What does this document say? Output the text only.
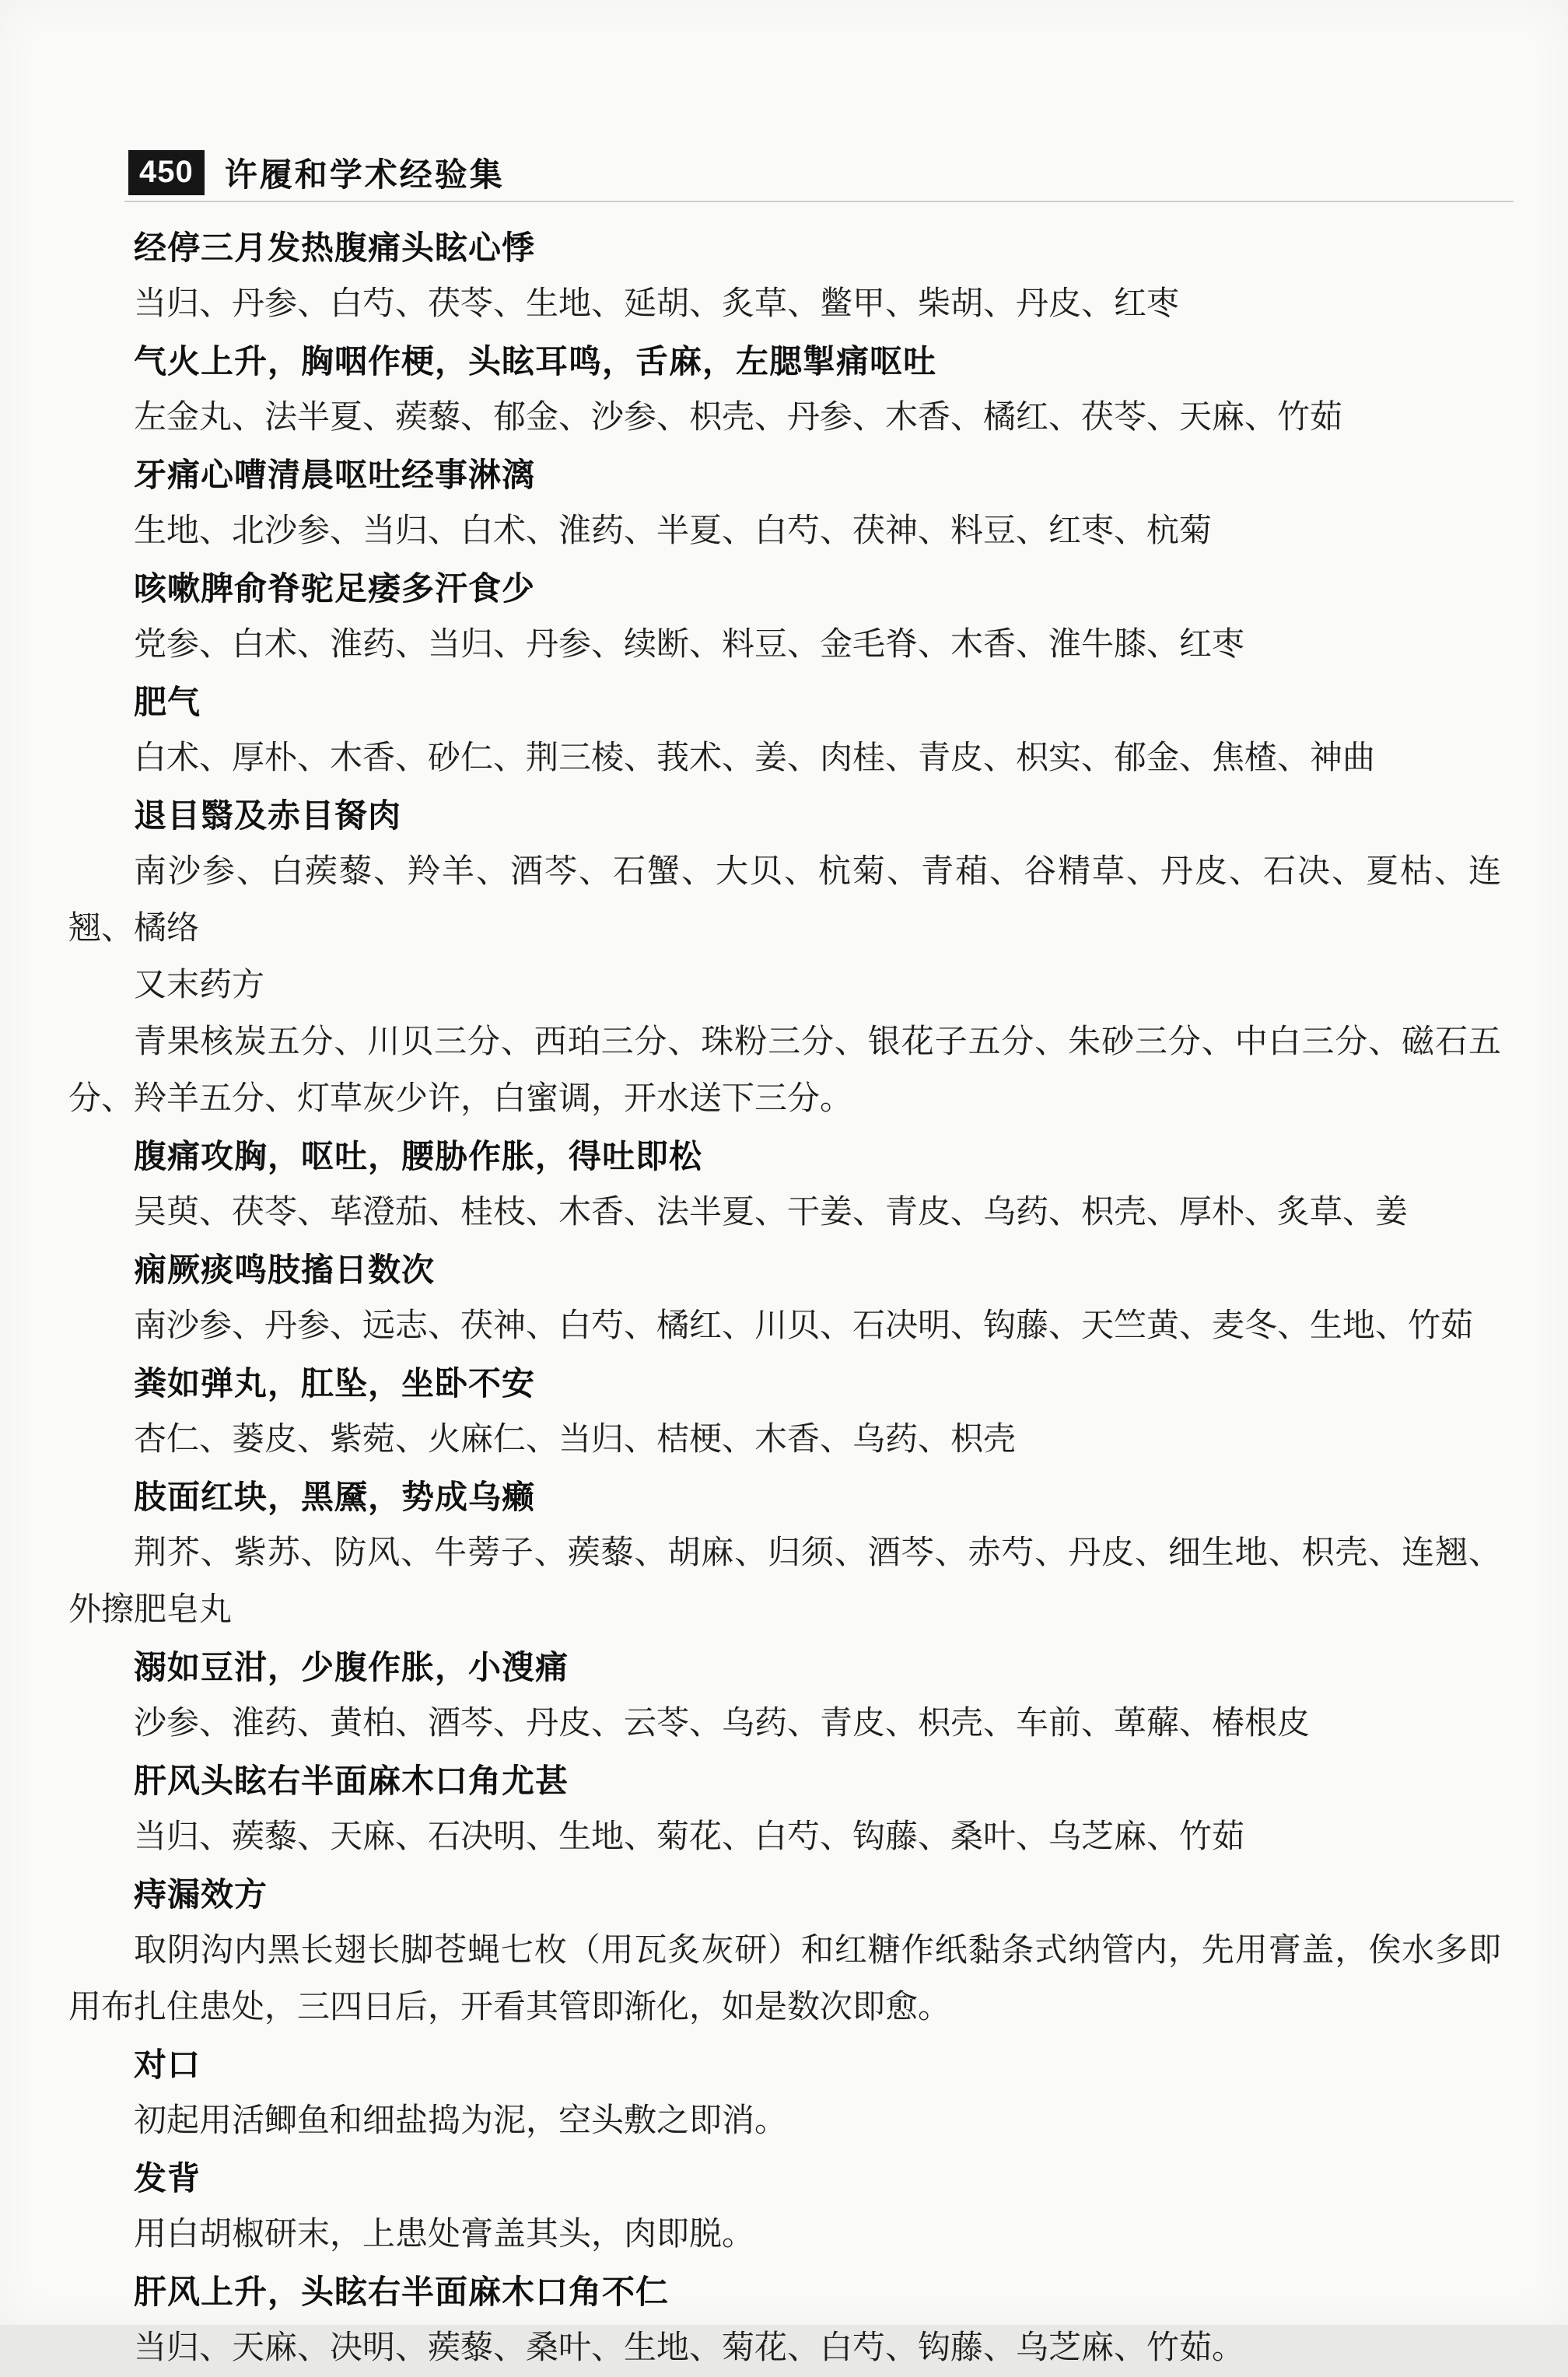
450 许履和学术经验集

经停三月发热腹痛头眩心悸

当归、丹参、白芍、茯苓、生地、延胡、炙草、鳖甲、柴胡、丹皮、红枣

气火上升，胸咽作梗，头眩耳鸣，舌麻，左腮掣痛呕吐

左金丸、法半夏、蒺藜、郁金、沙参、枳壳、丹参、木香、橘红、茯苓、天麻、竹茹

牙痛心嘈清晨呕吐经事淋漓

生地、北沙参、当归、白术、淮药、半夏、白芍、茯神、料豆、红枣、杭菊

咳嗽脾俞脊驼足痿多汗食少

党参、白术、淮药、当归、丹参、续断、料豆、金毛脊、木香、淮牛膝、红枣

肥气

白术、厚朴、木香、砂仁、荆三棱、莪术、姜、肉桂、青皮、枳实、郁金、焦楂、神曲

退目翳及赤目胬肉

南沙参、白蒺藜、羚羊、酒芩、石蟹、大贝、杭菊、青葙、谷精草、丹皮、石决、夏枯、连翘、橘络

又末药方

青果核炭五分、川贝三分、西珀三分、珠粉三分、银花子五分、朱砂三分、中白三分、磁石五分、羚羊五分、灯草灰少许，白蜜调，开水送下三分。

腹痛攻胸，呕吐，腰胁作胀，得吐即松

吴萸、茯苓、荜澄茄、桂枝、木香、法半夏、干姜、青皮、乌药、枳壳、厚朴、炙草、姜

痫厥痰鸣肢搐日数次

南沙参、丹参、远志、茯神、白芍、橘红、川贝、石决明、钩藤、天竺黄、麦冬、生地、竹茹

粪如弹丸，肛坠，坐卧不安

杏仁、蒌皮、紫菀、火麻仁、当归、桔梗、木香、乌药、枳壳

肢面红块，黑黡，势成乌癞

荆芥、紫苏、防风、牛蒡子、蒺藜、胡麻、归须、酒芩、赤芍、丹皮、细生地、枳壳、连翘、外擦肥皂丸

溺如豆泔，少腹作胀，小溲痛

沙参、淮药、黄柏、酒芩、丹皮、云苓、乌药、青皮、枳壳、车前、萆薢、椿根皮

肝风头眩右半面麻木口角尤甚

当归、蒺藜、天麻、石决明、生地、菊花、白芍、钩藤、桑叶、乌芝麻、竹茹

痔漏效方

取阴沟内黑长翅长脚苍蝇七枚（用瓦炙灰研）和红糖作纸黏条式纳管内，先用膏盖，俟水多即用布扎住患处，三四日后，开看其管即渐化，如是数次即愈。

对口

初起用活鲫鱼和细盐捣为泥，空头敷之即消。

发背

用白胡椒研末，上患处膏盖其头，肉即脱。

肝风上升，头眩右半面麻木口角不仁

当归、天麻、决明、蒺藜、桑叶、生地、菊花、白芍、钩藤、乌芝麻、竹茹。
